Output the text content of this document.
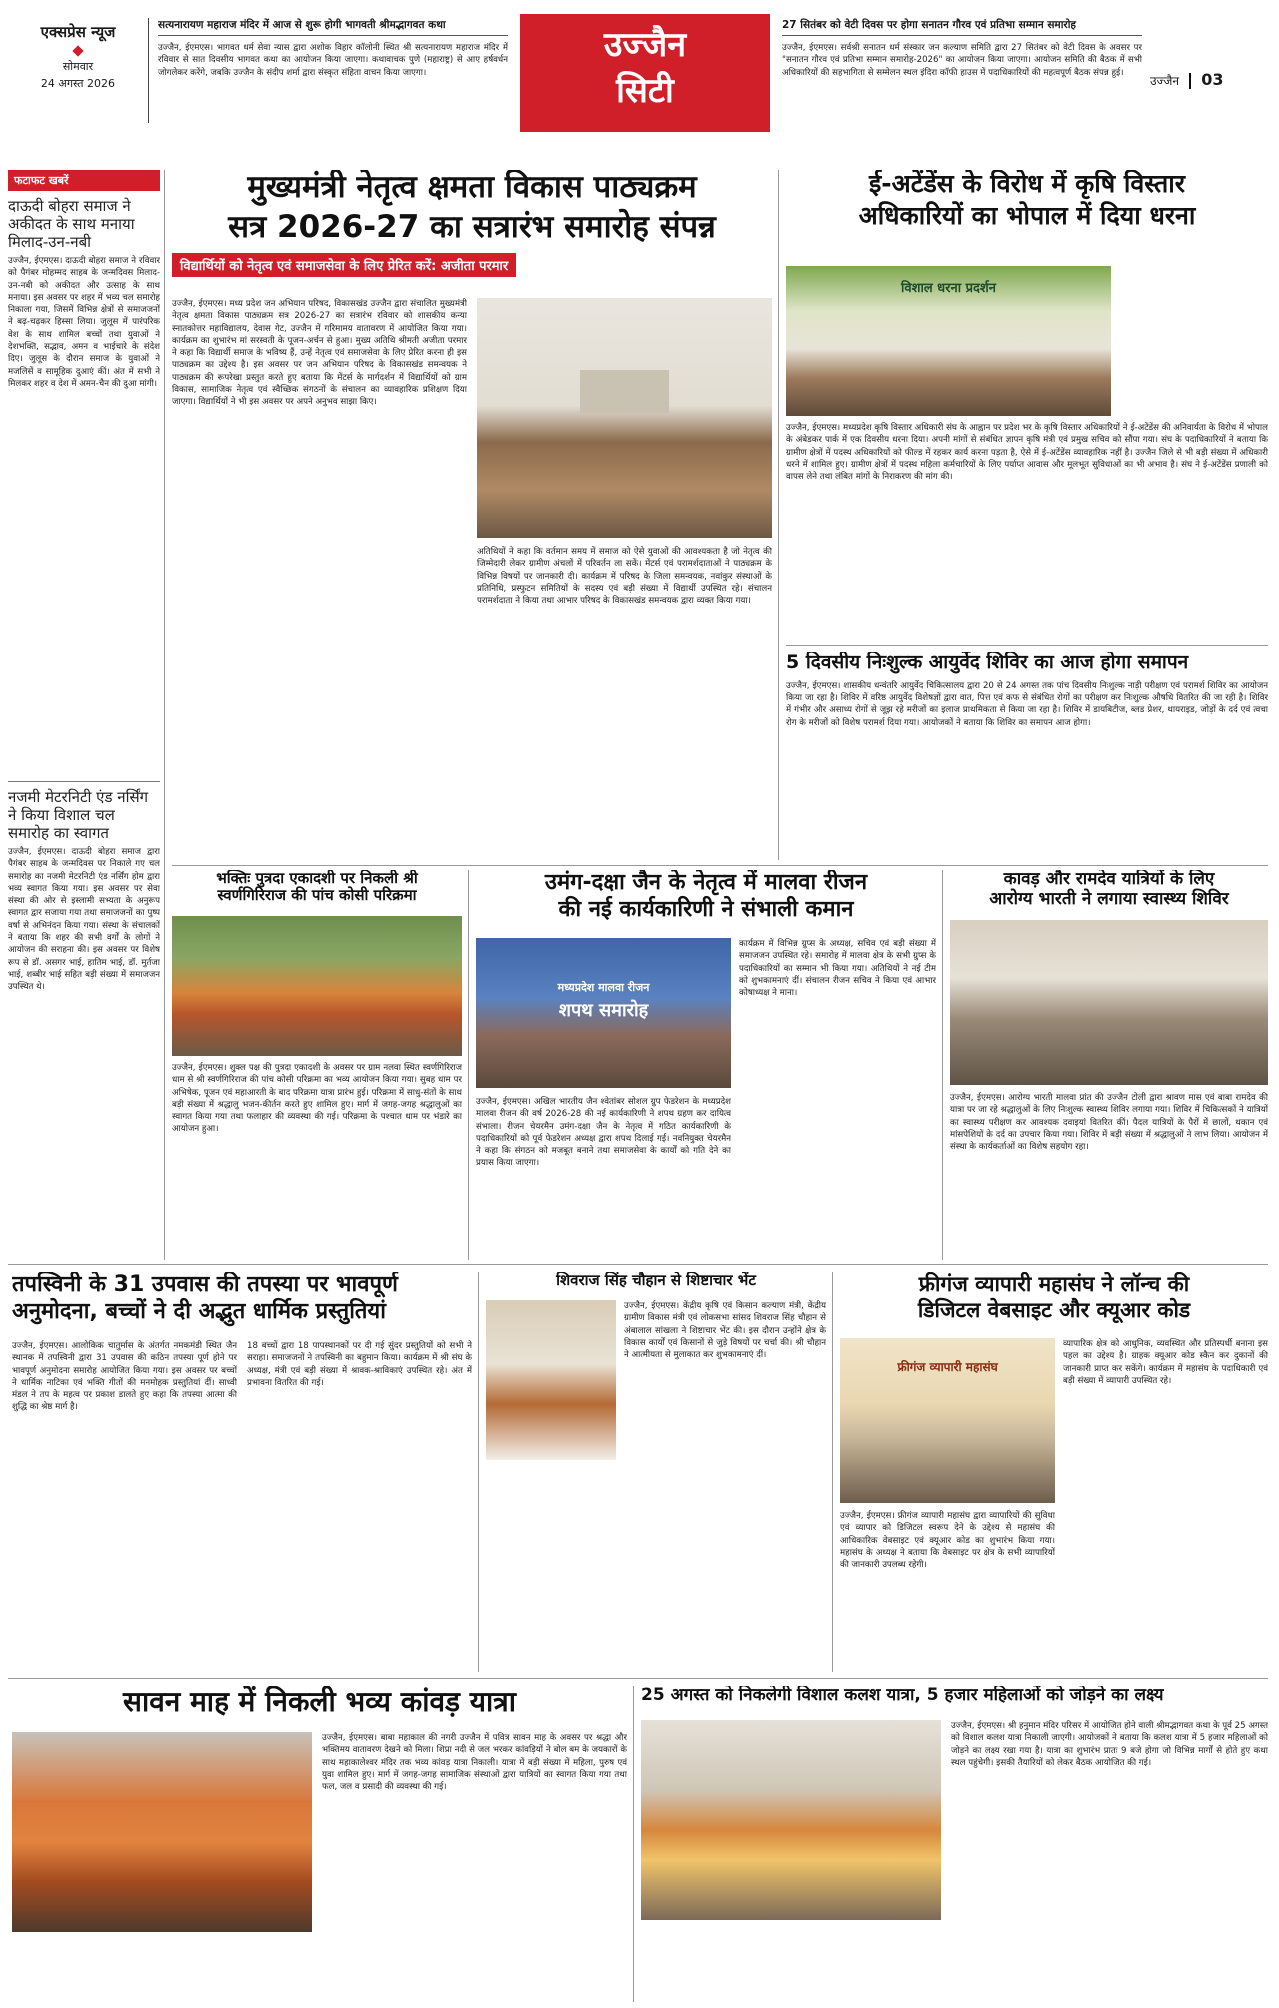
एक्सप्रेस न्यूज
सोमवार
24 अगस्त 2026
सत्यनारायण महाराज मंदिर में आज से शुरू होगी भागवती श्रीमद्भागवत कथा
उज्जैन, ईएमएस। भागवत धर्म सेवा न्यास द्वारा अशोक विहार कॉलोनी स्थित श्री सत्यनारायण महाराज मंदिर में रविवार से सात दिवसीय भागवत कथा का आयोजन किया जाएगा। कथावाचक पुणे (महाराष्ट्र) से आए हर्षवर्धन जोगलेकर करेंगे, जबकि उज्जैन के संदीप शर्मा द्वारा संस्कृत संहिता वाचन किया जाएगा।
उज्जैन
सिटी
27 सितंबर को वेटी दिवस पर होगा सनातन गौरव एवं प्रतिभा सम्मान समारोह
उज्जैन, ईएमएस। सर्वश्री सनातन धर्म संस्कार जन कल्याण समिति द्वारा 27 सितंबर को वेटी दिवस के अवसर पर "सनातन गौरव एवं प्रतिभा सम्मान समारोह-2026" का आयोजन किया जाएगा। आयोजन समिति की बैठक में सभी अधिकारियों की सहभागिता से सम्मेलन स्थल इंदिरा कॉफी हाउस में पदाधिकारियों की महत्वपूर्ण बैठक संपन्न हुई।
उज्जैन 03
फटाफट खबरें
दाऊदी बोहरा समाज ने अकीदत के साथ मनाया मिलाद-उन-नबी
उज्जैन, ईएमएस। दाऊदी बोहरा समाज ने रविवार को पैगंबर मोहम्मद साहब के जन्मदिवस मिलाद-उन-नबी को अकीदत और उत्साह के साथ मनाया। इस अवसर पर शहर में भव्य चल समारोह निकाला गया, जिसमें विभिन्न क्षेत्रों से समाजजनों ने बढ़-चढ़कर हिस्सा लिया। जुलूस में पारंपरिक वेश के साथ शामिल बच्चों तथा युवाओं ने देशभक्ति, सद्भाव, अमन व भाईचारे के संदेश दिए। जुलूस के दौरान समाज के युवाओं ने मजलिसें व सामूहिक दुआएं कीं। अंत में सभी ने मिलकर शहर व देश में अमन-चैन की दुआ मांगी।
नजमी मेटरनिटी एंड नर्सिंग ने किया विशाल चल समारोह का स्वागत
उज्जैन, ईएमएस। दाऊदी बोहरा समाज द्वारा पैगंबर साहब के जन्मदिवस पर निकाले गए चल समारोह का नजमी मेटरनिटी एंड नर्सिंग होम द्वारा भव्य स्वागत किया गया। इस अवसर पर सेवा संस्था की ओर से इस्लामी सभ्यता के अनुरूप स्वागत द्वार सजाया गया तथा समाजजनों का पुष्प वर्षा से अभिनंदन किया गया। संस्था के संचालकों ने बताया कि शहर की सभी वर्गों के लोगों ने आयोजन की सराहना की। इस अवसर पर विशेष रूप से डॉ. असगर भाई, हातिम भाई, डॉ. मुर्तजा भाई, शब्बीर भाई सहित बड़ी संख्या में समाजजन उपस्थित थे।
मुख्यमंत्री नेतृत्व क्षमता विकास पाठ्यक्रम
सत्र 2026-27 का सत्रारंभ समारोह संपन्न
विद्यार्थियों को नेतृत्व एवं समाजसेवा के लिए प्रेरित करें: अजीता परमार
उज्जैन, ईएमएस। मध्य प्रदेश जन अभियान परिषद, विकासखंड उज्जैन द्वारा संचालित मुख्यमंत्री नेतृत्व क्षमता विकास पाठ्यक्रम सत्र 2026-27 का सत्रारंभ रविवार को शासकीय कन्या स्नातकोत्तर महाविद्यालय, देवास गेट, उज्जैन में गरिमामय वातावरण में आयोजित किया गया। कार्यक्रम का शुभारंभ मां सरस्वती के पूजन-अर्चन से हुआ। मुख्य अतिथि श्रीमती अजीता परमार ने कहा कि विद्यार्थी समाज के भविष्य हैं, उन्हें नेतृत्व एवं समाजसेवा के लिए प्रेरित करना ही इस पाठ्यक्रम का उद्देश्य है। इस अवसर पर जन अभियान परिषद के विकासखंड समन्वयक ने पाठ्यक्रम की रूपरेखा प्रस्तुत करते हुए बताया कि मेंटर्स के मार्गदर्शन में विद्यार्थियों को ग्राम विकास, सामाजिक नेतृत्व एवं स्वैच्छिक संगठनों के संचालन का व्यावहारिक प्रशिक्षण दिया जाएगा। विद्यार्थियों ने भी इस अवसर पर अपने अनुभव साझा किए।
अतिथियों ने कहा कि वर्तमान समय में समाज को ऐसे युवाओं की आवश्यकता है जो नेतृत्व की जिम्मेदारी लेकर ग्रामीण अंचलों में परिवर्तन ला सकें। मेंटर्स एवं परामर्शदाताओं ने पाठ्यक्रम के विभिन्न विषयों पर जानकारी दी। कार्यक्रम में परिषद के जिला समन्वयक, नवांकुर संस्थाओं के प्रतिनिधि, प्रस्फुटन समितियों के सदस्य एवं बड़ी संख्या में विद्यार्थी उपस्थित रहे। संचालन परामर्शदाता ने किया तथा आभार परिषद के विकासखंड समन्वयक द्वारा व्यक्त किया गया।
ई-अटेंडेंस के विरोध में कृषि विस्तार
अधिकारियों का भोपाल में दिया धरना
विशाल धरना प्रदर्शन
उज्जैन, ईएमएस। मध्यप्रदेश कृषि विस्तार अधिकारी संघ के आह्वान पर प्रदेश भर के कृषि विस्तार अधिकारियों ने ई-अटेंडेंस की अनिवार्यता के विरोध में भोपाल के अंबेडकर पार्क में एक दिवसीय धरना दिया। अपनी मांगों से संबंधित ज्ञापन कृषि मंत्री एवं प्रमुख सचिव को सौंपा गया। संघ के पदाधिकारियों ने बताया कि ग्रामीण क्षेत्रों में पदस्थ अधिकारियों को फील्ड में रहकर कार्य करना पड़ता है, ऐसे में ई-अटेंडेंस व्यावहारिक नहीं है। उज्जैन जिले से भी बड़ी संख्या में अधिकारी धरने में शामिल हुए। ग्रामीण क्षेत्रों में पदस्थ महिला कर्मचारियों के लिए पर्याप्त आवास और मूलभूत सुविधाओं का भी अभाव है। संघ ने ई-अटेंडेंस प्रणाली को वापस लेने तथा लंबित मांगों के निराकरण की मांग की।
5 दिवसीय निःशुल्क आयुर्वेद शिविर का आज होगा समापन
उज्जैन, ईएमएस। शासकीय धन्वंतरि आयुर्वेद चिकित्सालय द्वारा 20 से 24 अगस्त तक पांच दिवसीय निःशुल्क नाड़ी परीक्षण एवं परामर्श शिविर का आयोजन किया जा रहा है। शिविर में वरिष्ठ आयुर्वेद विशेषज्ञों द्वारा वात, पित्त एवं कफ से संबंधित रोगों का परीक्षण कर निःशुल्क औषधि वितरित की जा रही है। शिविर में गंभीर और असाध्य रोगों से जूझ रहे मरीजों का इलाज प्राथमिकता से किया जा रहा है। शिविर में डायबिटीज, ब्लड प्रेशर, थायराइड, जोड़ों के दर्द एवं त्वचा रोग के मरीजों को विशेष परामर्श दिया गया। आयोजकों ने बताया कि शिविर का समापन आज होगा।
भक्तिः पुत्रदा एकादशी पर निकली श्री
स्वर्णगिरिराज की पांच कोसी परिक्रमा
उज्जैन, ईएमएस। शुक्ल पक्ष की पुत्रदा एकादशी के अवसर पर ग्राम नलवा स्थित स्वर्णगिरिराज धाम से श्री स्वर्णगिरिराज की पांच कोसी परिक्रमा का भव्य आयोजन किया गया। सुबह धाम पर अभिषेक, पूजन एवं महाआरती के बाद परिक्रमा यात्रा प्रारंभ हुई। परिक्रमा में साधु-संतों के साथ बड़ी संख्या में श्रद्धालु भजन-कीर्तन करते हुए शामिल हुए। मार्ग में जगह-जगह श्रद्धालुओं का स्वागत किया गया तथा फलाहार की व्यवस्था की गई। परिक्रमा के पश्चात धाम पर भंडारे का आयोजन हुआ।
उमंग-दक्षा जैन के नेतृत्व में मालवा रीजन
की नई कार्यकारिणी ने संभाली कमान
मध्यप्रदेश मालवा रीजन
शपथ समारोह
उज्जैन, ईएमएस। अखिल भारतीय जैन श्वेतांबर सोशल ग्रुप फेडरेशन के मध्यप्रदेश मालवा रीजन की वर्ष 2026-28 की नई कार्यकारिणी ने शपथ ग्रहण कर दायित्व संभाला। रीजन चेयरमैन उमंग-दक्षा जैन के नेतृत्व में गठित कार्यकारिणी के पदाधिकारियों को पूर्व फेडरेशन अध्यक्ष द्वारा शपथ दिलाई गई। नवनियुक्त चेयरमैन ने कहा कि संगठन को मजबूत बनाने तथा समाजसेवा के कार्यों को गति देने का प्रयास किया जाएगा।
कार्यक्रम में विभिन्न ग्रुप्स के अध्यक्ष, सचिव एवं बड़ी संख्या में समाजजन उपस्थित रहे। समारोह में मालवा क्षेत्र के सभी ग्रुप्स के पदाधिकारियों का सम्मान भी किया गया। अतिथियों ने नई टीम को शुभकामनाएं दीं। संचालन रीजन सचिव ने किया एवं आभार कोषाध्यक्ष ने माना।
कावड़ और रामदेव यात्रियों के लिए
आरोग्य भारती ने लगाया स्वास्थ्य शिविर
उज्जैन, ईएमएस। आरोग्य भारती मालवा प्रांत की उज्जैन टोली द्वारा श्रावण मास एवं बाबा रामदेव की यात्रा पर जा रहे श्रद्धालुओं के लिए निःशुल्क स्वास्थ्य शिविर लगाया गया। शिविर में चिकित्सकों ने यात्रियों का स्वास्थ्य परीक्षण कर आवश्यक दवाइयां वितरित कीं। पैदल यात्रियों के पैरों में छालों, थकान एवं मांसपेशियों के दर्द का उपचार किया गया। शिविर में बड़ी संख्या में श्रद्धालुओं ने लाभ लिया। आयोजन में संस्था के कार्यकर्ताओं का विशेष सहयोग रहा।
तपस्विनी के 31 उपवास की तपस्या पर भावपूर्ण
अनुमोदना, बच्चों ने दी अद्भुत धार्मिक प्रस्तुतियां
उज्जैन, ईएमएस। आलोकिक चातुर्मास के अंतर्गत नमकमंडी स्थित जैन स्थानक में तपस्विनी द्वारा 31 उपवास की कठिन तपस्या पूर्ण होने पर भावपूर्ण अनुमोदना समारोह आयोजित किया गया। इस अवसर पर बच्चों ने धार्मिक नाटिका एवं भक्ति गीतों की मनमोहक प्रस्तुतियां दीं। साध्वी मंडल ने तप के महत्व पर प्रकाश डालते हुए कहा कि तपस्या आत्मा की शुद्धि का श्रेष्ठ मार्ग है।
18 बच्चों द्वारा 18 पापस्थानकों पर दी गई सुंदर प्रस्तुतियों को सभी ने सराहा। समाजजनों ने तपस्विनी का बहुमान किया। कार्यक्रम में श्री संघ के अध्यक्ष, मंत्री एवं बड़ी संख्या में श्रावक-श्राविकाएं उपस्थित रहे। अंत में प्रभावना वितरित की गई।
शिवराज सिंह चौहान से शिष्टाचार भेंट
उज्जैन, ईएमएस। केंद्रीय कृषि एवं किसान कल्याण मंत्री, केंद्रीय ग्रामीण विकास मंत्री एवं लोकसभा सांसद शिवराज सिंह चौहान से अंबालाल सांखला ने शिष्टाचार भेंट की। इस दौरान उन्होंने क्षेत्र के विकास कार्यों एवं किसानों से जुड़े विषयों पर चर्चा की। श्री चौहान ने आत्मीयता से मुलाकात कर शुभकामनाएं दीं।
फ्रीगंज व्यापारी महासंघ ने लॉन्च की
डिजिटल वेबसाइट और क्यूआर कोड
फ्रीगंज व्यापारी महासंघ
उज्जैन, ईएमएस। फ्रीगंज व्यापारी महासंघ द्वारा व्यापारियों की सुविधा एवं व्यापार को डिजिटल स्वरूप देने के उद्देश्य से महासंघ की आधिकारिक वेबसाइट एवं क्यूआर कोड का शुभारंभ किया गया। महासंघ के अध्यक्ष ने बताया कि वेबसाइट पर क्षेत्र के सभी व्यापारियों की जानकारी उपलब्ध रहेगी।
व्यापारिक क्षेत्र को आधुनिक, व्यवस्थित और प्रतिस्पर्धी बनाना इस पहल का उद्देश्य है। ग्राहक क्यूआर कोड स्कैन कर दुकानों की जानकारी प्राप्त कर सकेंगे। कार्यक्रम में महासंघ के पदाधिकारी एवं बड़ी संख्या में व्यापारी उपस्थित रहे।
सावन माह में निकली भव्य कांवड़ यात्रा
उज्जैन, ईएमएस। बाबा महाकाल की नगरी उज्जैन में पवित्र सावन माह के अवसर पर श्रद्धा और भक्तिमय वातावरण देखने को मिला। शिप्रा नदी से जल भरकर कांवड़ियों ने बोल बम के जयकारों के साथ महाकालेश्वर मंदिर तक भव्य कांवड़ यात्रा निकाली। यात्रा में बड़ी संख्या में महिला, पुरुष एवं युवा शामिल हुए। मार्ग में जगह-जगह सामाजिक संस्थाओं द्वारा यात्रियों का स्वागत किया गया तथा फल, जल व प्रसादी की व्यवस्था की गई।
25 अगस्त को निकलेगी विशाल कलश यात्रा, 5 हजार महिलाओं को जोड़ने का लक्ष्य
उज्जैन, ईएमएस। श्री हनुमान मंदिर परिसर में आयोजित होने वाली श्रीमद्भागवत कथा के पूर्व 25 अगस्त को विशाल कलश यात्रा निकाली जाएगी। आयोजकों ने बताया कि कलश यात्रा में 5 हजार महिलाओं को जोड़ने का लक्ष्य रखा गया है। यात्रा का शुभारंभ प्रातः 9 बजे होगा जो विभिन्न मार्गों से होते हुए कथा स्थल पहुंचेगी। इसकी तैयारियों को लेकर बैठक आयोजित की गई।
